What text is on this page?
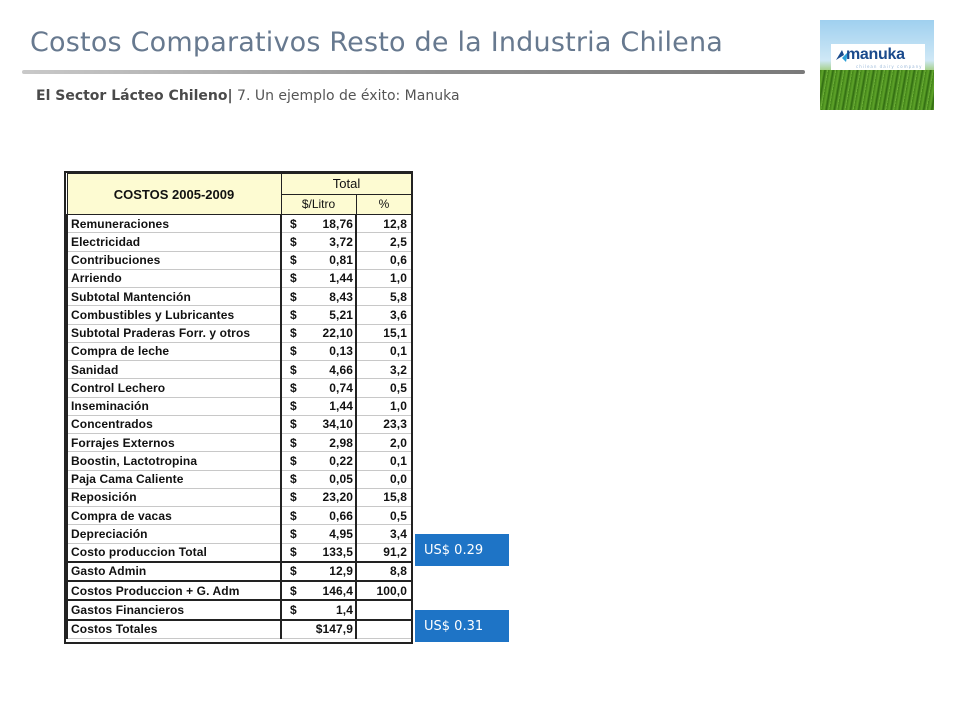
Costos Comparativos Resto de la Industria Chilena
El Sector Lácteo Chileno| 7. Un ejemplo de éxito: Manuka
manuka
chilean dairy company
COSTOS 2005-2009	Total	
	$/Litro	%
Remuneraciones	$ 18,76	12,8
Electricidad	$ 3,72	2,5
Contribuciones	$ 0,81	0,6
Arriendo	$ 1,44	1,0
Subtotal Mantención	$ 8,43	5,8
Combustibles y Lubricantes	$ 5,21	3,6
Subtotal Praderas Forr. y otros	$ 22,10	15,1
Compra de leche	$ 0,13	0,1
Sanidad	$ 4,66	3,2
Control Lechero	$ 0,74	0,5
Inseminación	$ 1,44	1,0
Concentrados	$ 34,10	23,3
Forrajes Externos	$ 2,98	2,0
Boostin, Lactotropina	$ 0,22	0,1
Paja Cama Caliente	$ 0,05	0,0
Reposición	$ 23,20	15,8
Compra de vacas	$ 0,66	0,5
Depreciación	$ 4,95	3,4
Costo produccion Total	$ 133,5	91,2
Gasto Admin	$ 12,9	8,8
Costos Produccion + G. Adm	$ 146,4	100,0
Gastos Financieros	$ 1,4	
Costos Totales	$147,9	
US$ 0.29
US$ 0.31
